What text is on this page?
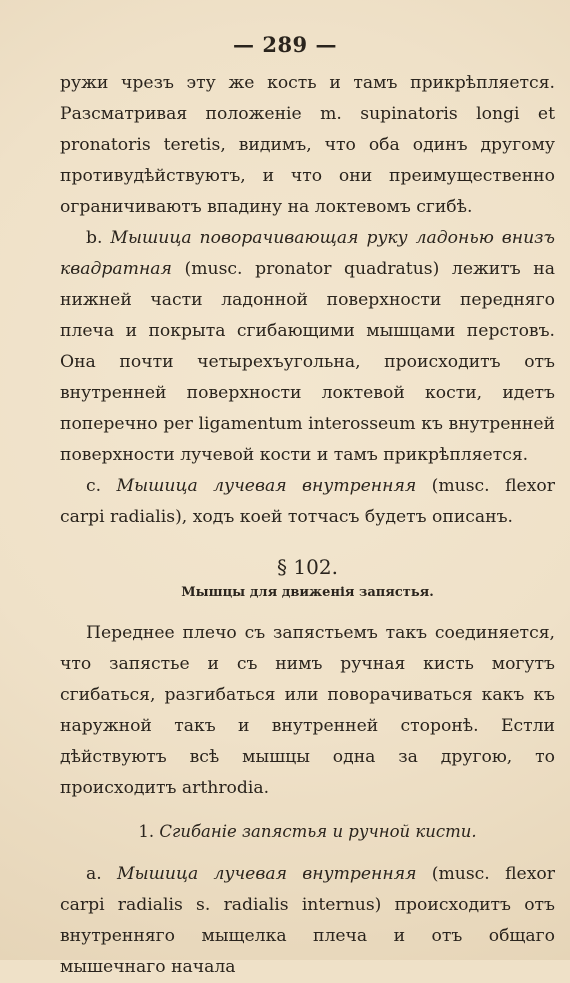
— 289 —

ружи чрезъ эту же кость и тамъ прикрѣпляется. Разсматривая положеніе m. supinatoris longi et pronatoris teretis, видимъ, что оба одинъ другому противудѣйствуютъ, и что они преимущественно ограничиваютъ впадину на локтевомъ сгибѣ.

b. Мышица поворачивающая руку ладонью внизъ квадратная (musc. pronator quadratus) лежитъ на нижней части ладонной поверхности передняго плеча и покрыта сгибающими мышцами перстовъ. Она почти четырехъугольна, происходитъ отъ внутренней поверхности локтевой кости, идетъ поперечно per ligamentum interosseum къ внутренней поверхности лучевой кости и тамъ прикрѣпляется.

c. Мышица лучевая внутренняя (musc. flexor carpi radialis), ходъ коей тотчасъ будетъ описанъ.

§ 102.
Мышцы для движенія запястья.

Переднее плечо съ запястьемъ такъ соединяется, что запястье и съ нимъ ручная кисть могутъ сгибаться, разгибаться или поворачиваться какъ къ наружной такъ и внутренней сторонѣ. Естли дѣйствуютъ всѣ мышцы одна за другою, то происходитъ arthrodia.

1. Сгибаніе запястья и ручной кисти.

a. Мышица лучевая внутренняя (musc. flexor carpi radialis s. radialis internus) происходитъ отъ внутренняго мыщелка плеча и отъ общаго мышечнаго начала
